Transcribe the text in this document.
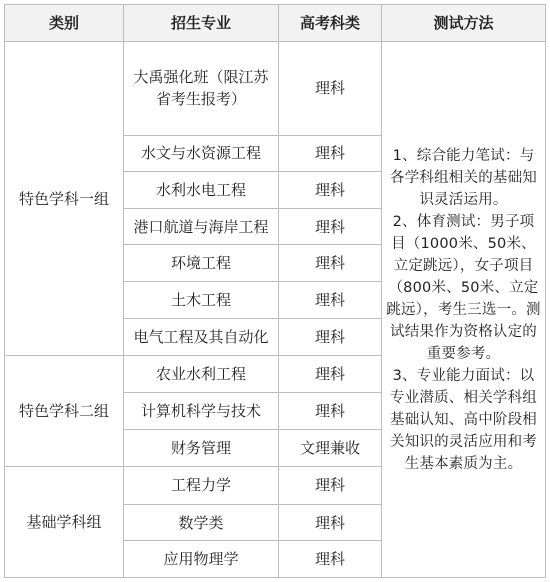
类别	招生专业	高考科类	测试方法
特色学科一组	大禹强化班（限江苏省考生报考）	理科	1、综合能力笔试：与各学科组相关的基础知识灵活运用。

2、体育测试：男子项目（1000米、50米、立定跳远），女子项目（800米、50米、立定跳远），考生三选一。测试结果作为资格认定的重要参考。

3、专业能力面试：以专业潜质、相关学科组基础认知、高中阶段相关知识的灵活应用和考生基本素质为主。

	水文与水资源工程	理科	
	水利水电工程	理科	
	港口航道与海岸工程	理科	
	环境工程	理科	
	土木工程	理科	
	电气工程及其自动化	理科	
特色学科二组	农业水利工程	理科	
	计算机科学与技术	理科	
	财务管理	文理兼收	
基础学科组	工程力学	理科	
	数学类	理科	
	应用物理学	理科	
